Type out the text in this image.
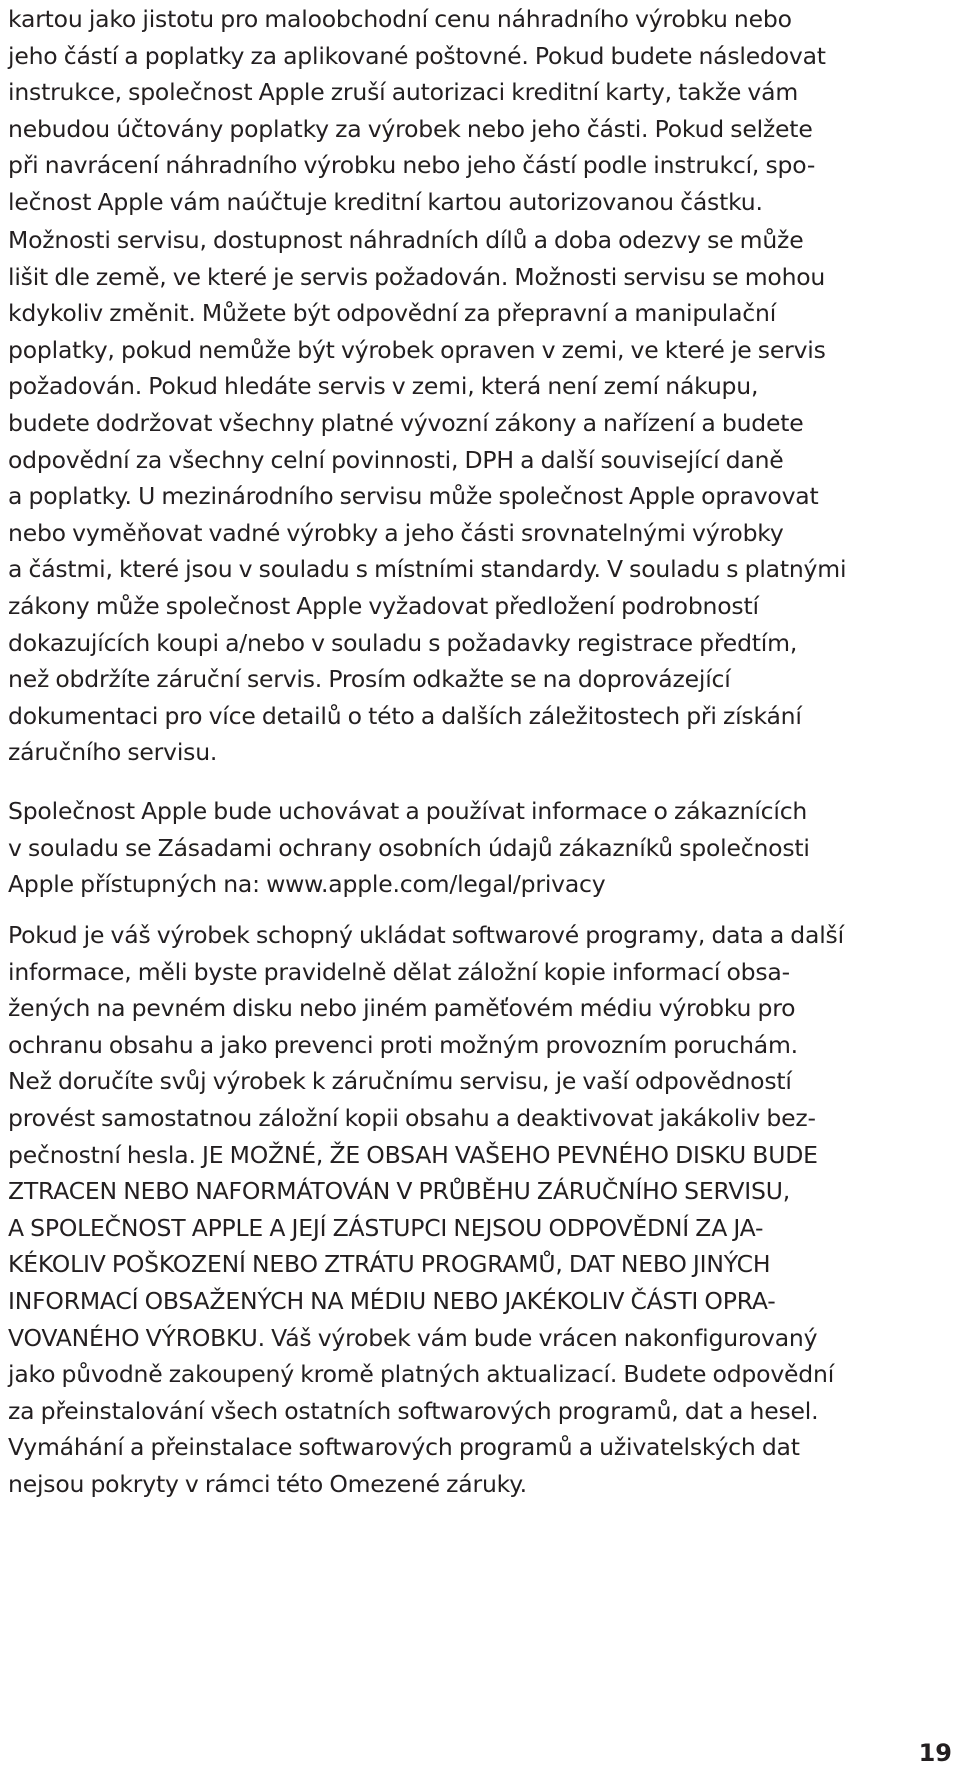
kartou jako jistotu pro maloobchodní cenu náhradního výrobku nebo
jeho částí a poplatky za aplikované poštovné. Pokud budete následovat
instrukce, společnost Apple zruší autorizaci kreditní karty, takže vám
nebudou účtovány poplatky za výrobek nebo jeho části. Pokud selžete
při navrácení náhradního výrobku nebo jeho částí podle instrukcí, spo-
lečnost Apple vám naúčtuje kreditní kartou autorizovanou částku.

Možnosti servisu, dostupnost náhradních dílů a doba odezvy se může
lišit dle země, ve které je servis požadován. Možnosti servisu se mohou
kdykoliv změnit. Můžete být odpovědní za přepravní a manipulační
poplatky, pokud nemůže být výrobek opraven v zemi, ve které je servis
požadován. Pokud hledáte servis v zemi, která není zemí nákupu,
budete dodržovat všechny platné vývozní zákony a nařízení a budete
odpovědní za všechny celní povinnosti, DPH a další související daně
a poplatky. U mezinárodního servisu může společnost Apple opravovat
nebo vyměňovat vadné výrobky a jeho části srovnatelnými výrobky
a částmi, které jsou v souladu s místními standardy. V souladu s platnými
zákony může společnost Apple vyžadovat předložení podrobností
dokazujících koupi a/nebo v souladu s požadavky registrace předtím,
než obdržíte záruční servis. Prosím odkažte se na doprovázející
dokumentaci pro více detailů o této a dalších záležitostech při získání
záručního servisu.

Společnost Apple bude uchovávat a používat informace o zákaznících
v souladu se Zásadami ochrany osobních údajů zákazníků společnosti
Apple přístupných na: www.apple.com/legal/privacy

Pokud je váš výrobek schopný ukládat softwarové programy, data a další
informace, měli byste pravidelně dělat záložní kopie informací obsa-
žených na pevném disku nebo jiném paměťovém médiu výrobku pro
ochranu obsahu a jako prevenci proti možným provozním poruchám.
Než doručíte svůj výrobek k záručnímu servisu, je vaší odpovědností
provést samostatnou záložní kopii obsahu a deaktivovat jakákoliv bez-
pečnostní hesla. JE MOŽNÉ, ŽE OBSAH VAŠEHO PEVNÉHO DISKU BUDE
ZTRACEN NEBO NAFORMÁTOVÁN V PRŮBĚHU ZÁRUČNÍHO SERVISU,
A SPOLEČNOST APPLE A JEJÍ ZÁSTUPCI NEJSOU ODPOVĚDNÍ ZA JA-
KÉKOLIV POŠKOZENÍ NEBO ZTRÁTU PROGRAMŮ, DAT NEBO JINÝCH
INFORMACÍ OBSAŽENÝCH NA MÉDIU NEBO JAKÉKOLIV ČÁSTI OPRA-
VOVANÉHO VÝROBKU. Váš výrobek vám bude vrácen nakonfigurovaný
jako původně zakoupený kromě platných aktualizací. Budete odpovědní
za přeinstalování všech ostatních softwarových programů, dat a hesel.
Vymáhání a přeinstalace softwarových programů a uživatelských dat
nejsou pokryty v rámci této Omezené záruky.

19
